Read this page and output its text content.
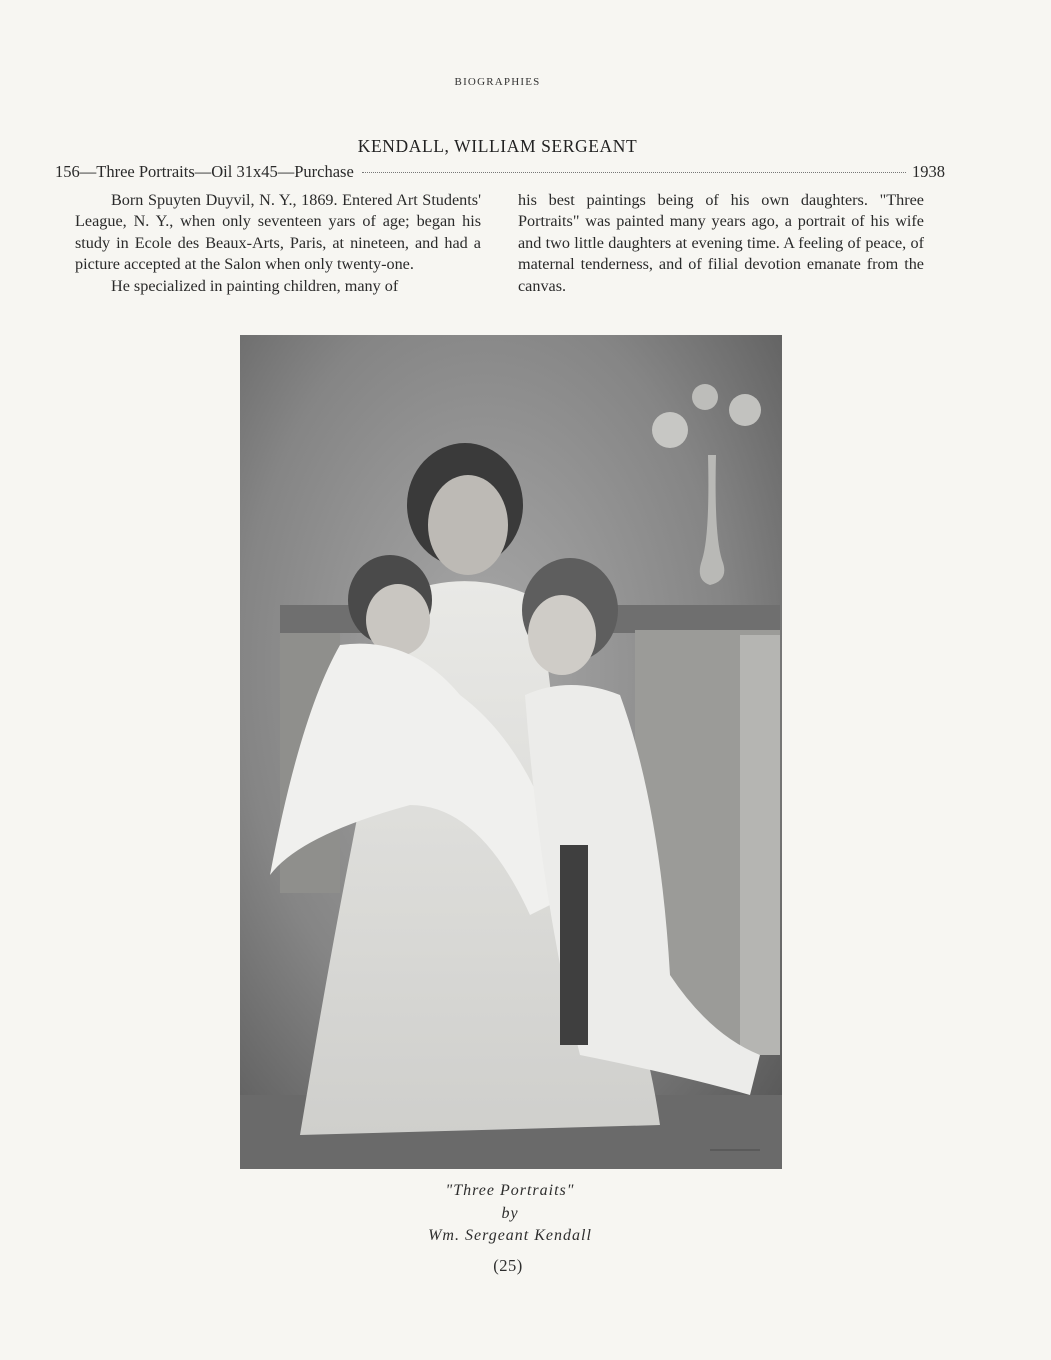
BIOGRAPHIES
KENDALL, WILLIAM SERGEANT
156—Three Portraits—Oil 31x45—Purchase	1938

Born Spuyten Duyvil, N. Y., 1869. Entered Art Students' League, N. Y., when only seventeen yars of age; began his study in Ecole des Beaux-Arts, Paris, at nineteen, and had a picture accepted at the Salon when only twenty-one.

He specialized in painting children, many of

his best paintings being of his own daughters. "Three Portraits" was painted many years ago, a portrait of his wife and two little daughters at evening time. A feeling of peace, of maternal tenderness, and of filial devotion emanate from the canvas.

"Three Portraits"
by
Wm. Sergeant Kendall
(25)
